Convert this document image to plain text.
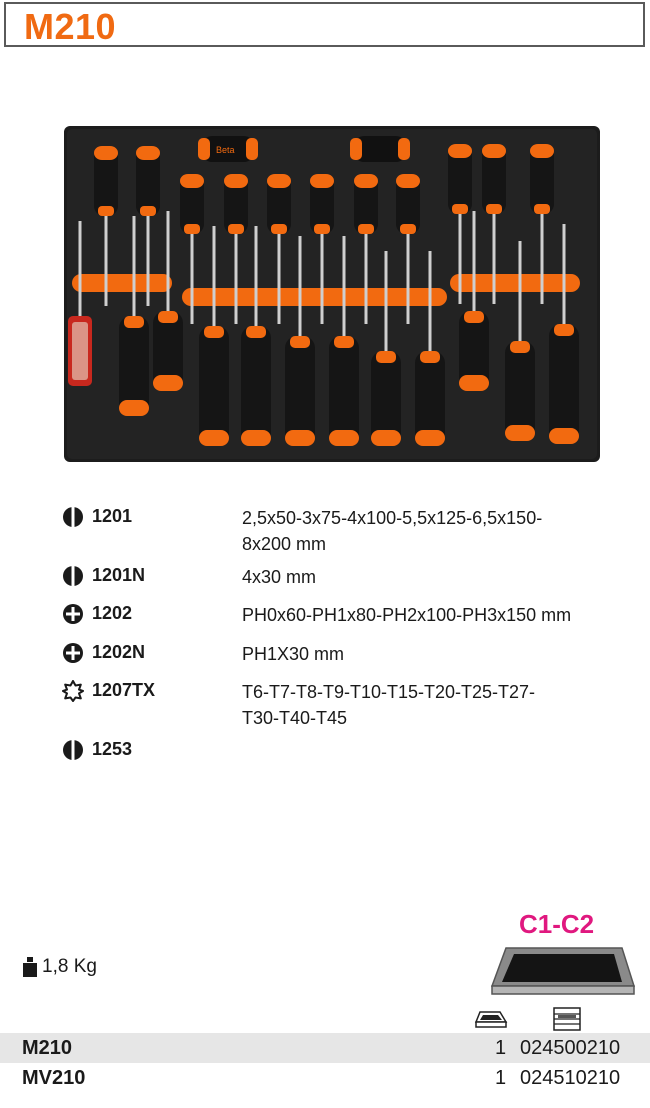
M210
Beta
1201	2,5x50-3x75-4x100-5,5x125-6,5x150-
8x200 mm
1201N	4x30 mm
1202	PH0x60-PH1x80-PH2x100-PH3x150 mm
1202N	PH1X30 mm
1207TX	T6-T7-T8-T9-T10-T15-T20-T25-T27-
T30-T40-T45
1253
1,8 Kg
C1-C2
M210	1 024500210
MV210	1 024510210
